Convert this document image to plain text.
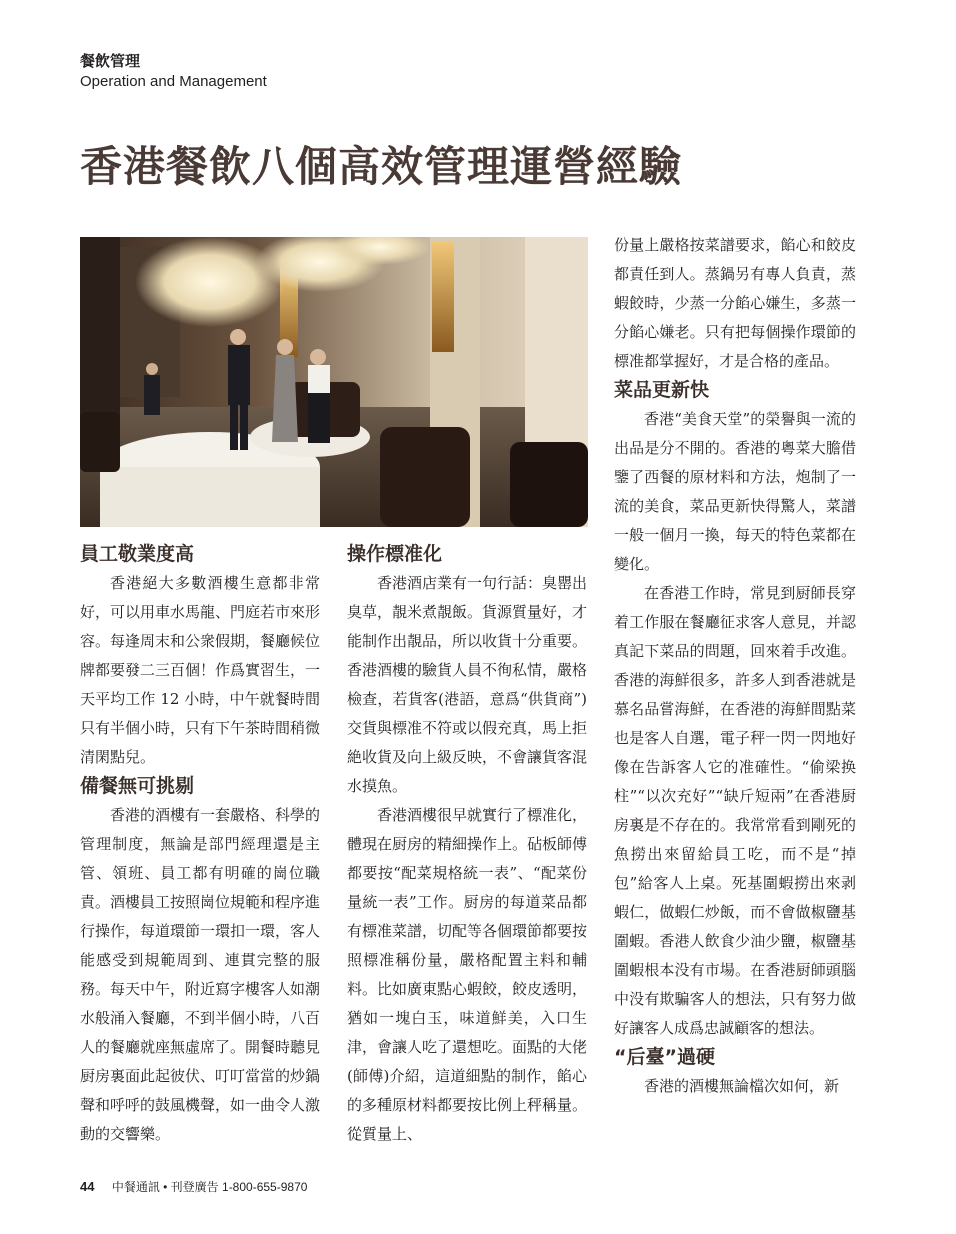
餐飲管理
Operation and Management
香港餐飲八個高效管理運營經驗
員工敬業度高

香港絕大多數酒樓生意都非常好，可以用車水馬龍、門庭若市來形容。每逢周末和公衆假期，餐廳候位牌都要發二三百個！作爲實習生，一天平均工作 12 小時，中午就餐時間只有半個小時，只有下午茶時間稍微清閑點兒。

備餐無可挑剔

香港的酒樓有一套嚴格、科學的管理制度，無論是部門經理還是主管、領班、員工都有明確的崗位職責。酒樓員工按照崗位規範和程序進行操作，每道環節一環扣一環，客人能感受到規範周到、連貫完整的服務。每天中午，附近寫字樓客人如潮水般涌入餐廳，不到半個小時，八百人的餐廳就座無虛席了。開餐時聽見厨房裏面此起彼伏、叮叮當當的炒鍋聲和呼呼的鼓風機聲，如一曲令人激動的交響樂。

操作標准化

香港酒店業有一句行話：臭罌出臭草，靚米煮靚飯。貨源質量好，才能制作出靚品，所以收貨十分重要。香港酒樓的驗貨人員不徇私情，嚴格檢查，若貨客(港語，意爲“供貨商”)交貨與標准不符或以假充真，馬上拒絶收貨及向上級反映，不會讓貨客混水摸魚。

香港酒樓很早就實行了標准化，體現在厨房的精細操作上。砧板師傅都要按“配菜規格統一表”、“配菜份量統一表”工作。厨房的每道菜品都有標准菜譜，切配等各個環節都要按照標准稱份量，嚴格配置主料和輔料。比如廣東點心蝦餃，餃皮透明，猶如一塊白玉，味道鮮美，入口生津，會讓人吃了還想吃。面點的大佬(師傅)介紹，這道細點的制作，餡心的多種原材料都要按比例上秤稱量。從質量上、

份量上嚴格按菜譜要求，餡心和餃皮都責任到人。蒸鍋另有專人負責，蒸蝦餃時，少蒸一分餡心嫌生，多蒸一分餡心嫌老。只有把每個操作環節的標准都掌握好，才是合格的產品。

菜品更新快

香港“美食天堂”的榮譽與一流的出品是分不開的。香港的粵菜大膽借鑒了西餐的原材料和方法，炮制了一流的美食，菜品更新快得驚人，菜譜一般一個月一換，每天的特色菜都在變化。

在香港工作時，常見到厨師長穿着工作服在餐廳征求客人意見，并認真記下菜品的問題，回來着手改進。香港的海鮮很多，許多人到香港就是慕名品嘗海鮮，在香港的海鮮間點菜也是客人自選，電子秤一閃一閃地好像在告訴客人它的准確性。“偷梁换柱”“以次充好”“缺斤短兩”在香港厨房裏是不存在的。我常常看到剛死的魚撈出來留給員工吃，而不是“掉包”給客人上桌。死基圍蝦撈出來剥蝦仁，做蝦仁炒飯，而不會做椒鹽基圍蝦。香港人飲食少油少鹽，椒鹽基圍蝦根本没有市場。在香港厨師頭腦中没有欺騙客人的想法，只有努力做好讓客人成爲忠誠顧客的想法。

“后臺”過硬

香港的酒樓無論檔次如何，新

44 中餐通訊 • 刊登廣告 1-800-655-9870
